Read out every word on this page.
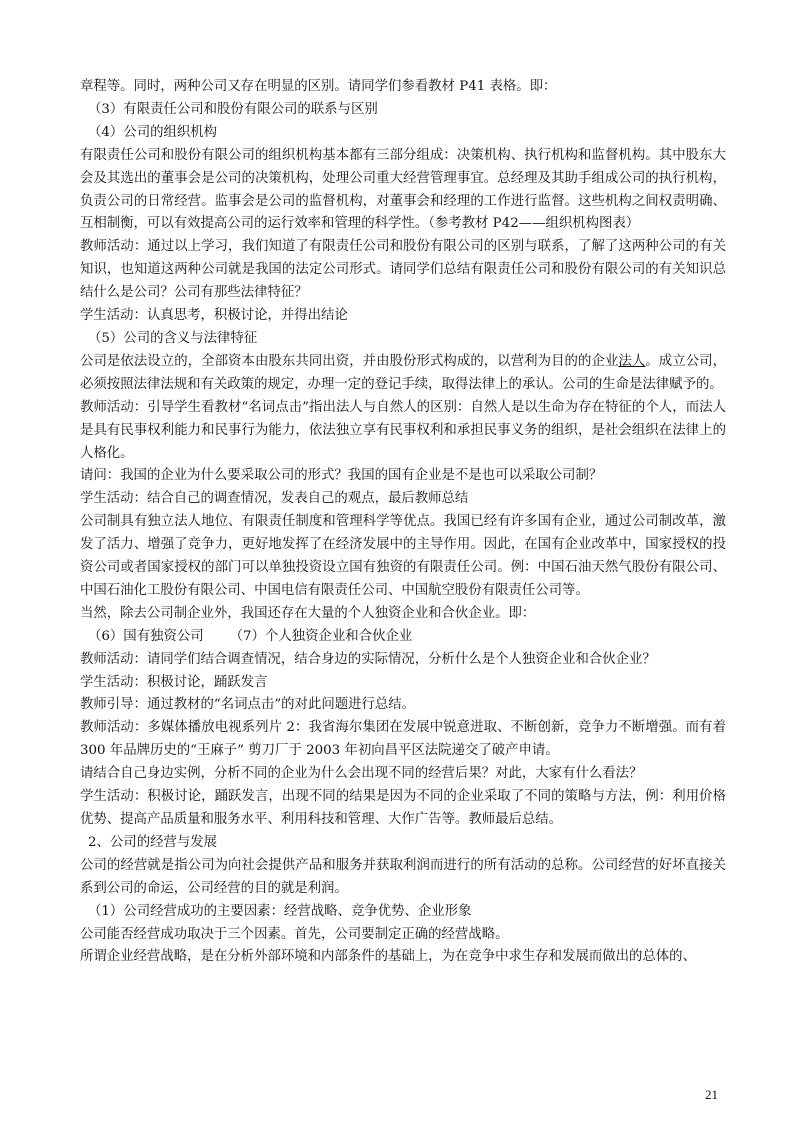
章程等。同时，两种公司又存在明显的区别。请同学们参看教材 P41 表格。即：

（3）有限责任公司和股份有限公司的联系与区别

（4）公司的组织机构

有限责任公司和股份有限公司的组织机构基本都有三部分组成：决策机构、执行机构和监督机构。其中股东大会及其选出的董事会是公司的决策机构，处理公司重大经营管理事宜。总经理及其助手组成公司的执行机构，负责公司的日常经营。监事会是公司的监督机构，对董事会和经理的工作进行监督。这些机构之间权责明确、互相制衡，可以有效提高公司的运行效率和管理的科学性。（参考教材 P42——组织机构图表）

教师活动：通过以上学习，我们知道了有限责任公司和股份有限公司的区别与联系，了解了这两种公司的有关知识，也知道这两种公司就是我国的法定公司形式。请同学们总结有限责任公司和股份有限公司的有关知识总结什么是公司？公司有那些法律特征？

学生活动：认真思考，积极讨论，并得出结论

（5）公司的含义与法律特征

公司是依法设立的，全部资本由股东共同出资，并由股份形式构成的，以营利为目的的企业法人。成立公司，必须按照法律法规和有关政策的规定，办理一定的登记手续，取得法律上的承认。公司的生命是法律赋予的。

教师活动：引导学生看教材“名词点击”指出法人与自然人的区别：自然人是以生命为存在特征的个人，而法人是具有民事权利能力和民事行为能力，依法独立享有民事权利和承担民事义务的组织，是社会组织在法律上的人格化。

请问：我国的企业为什么要采取公司的形式？我国的国有企业是不是也可以采取公司制？

学生活动：结合自己的调查情况，发表自己的观点，最后教师总结

公司制具有独立法人地位、有限责任制度和管理科学等优点。我国已经有许多国有企业，通过公司制改革，激发了活力、增强了竞争力，更好地发挥了在经济发展中的主导作用。因此，在国有企业改革中，国家授权的投资公司或者国家授权的部门可以单独投资设立国有独资的有限责任公司。例：中国石油天然气股份有限公司、中国石油化工股份有限公司、中国电信有限责任公司、中国航空股份有限责任公司等。

当然，除去公司制企业外，我国还存在大量的个人独资企业和合伙企业。即：

（6）国有独资公司 （7）个人独资企业和合伙企业

教师活动：请同学们结合调查情况，结合身边的实际情况，分析什么是个人独资企业和合伙企业？

学生活动：积极讨论，踊跃发言

教师引导：通过教材的“名词点击”的对此问题进行总结。

教师活动：多媒体播放电视系列片 2：我省海尔集团在发展中锐意进取、不断创新，竞争力不断增强。而有着 300 年品牌历史的“王麻子” 剪刀厂于 2003 年初向昌平区法院递交了破产申请。

请结合自己身边实例，分析不同的企业为什么会出现不同的经营后果？对此，大家有什么看法？

学生活动：积极讨论，踊跃发言，出现不同的结果是因为不同的企业采取了不同的策略与方法，例：利用价格优势、提高产品质量和服务水平、利用科技和管理、大作广告等。教师最后总结。

2、公司的经营与发展

公司的经营就是指公司为向社会提供产品和服务并获取利润而进行的所有活动的总称。公司经营的好坏直接关系到公司的命运，公司经营的目的就是利润。

（1）公司经营成功的主要因素：经营战略、竞争优势、企业形象

公司能否经营成功取决于三个因素。首先，公司要制定正确的经营战略。

所谓企业经营战略，是在分析外部环境和内部条件的基础上，为在竞争中求生存和发展而做出的总体的、

21
